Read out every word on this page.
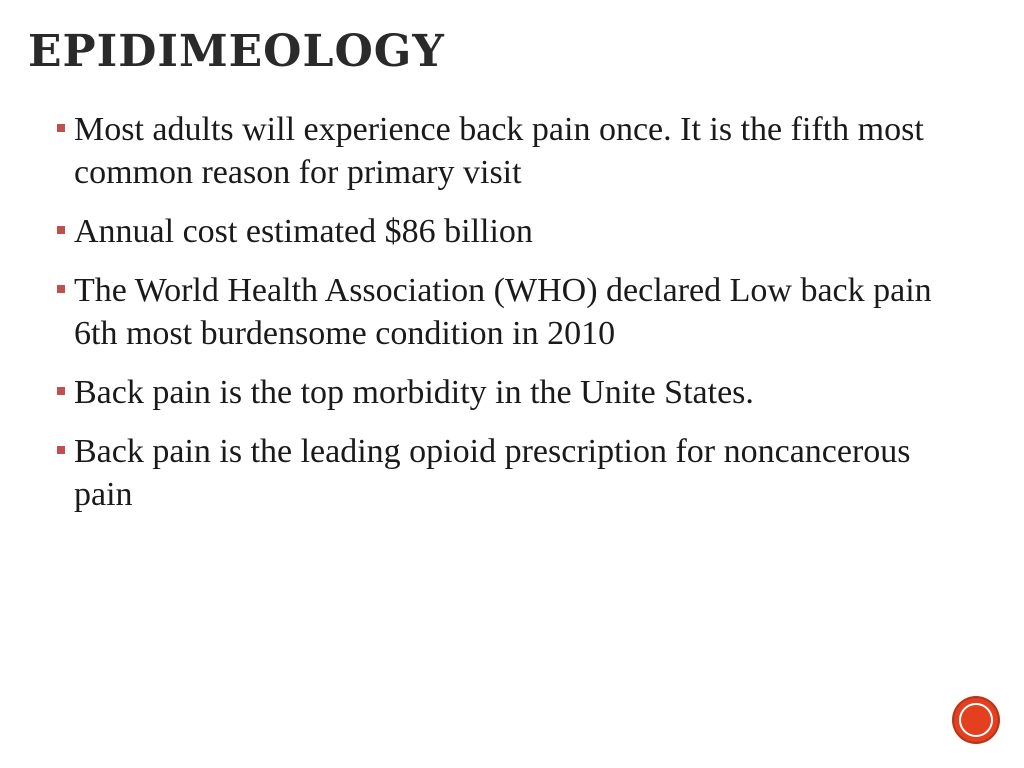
EPIDIMEOLOGY
Most adults will experience back pain once. It is the fifth most common reason for primary visit
Annual cost estimated $86 billion
The World Health Association (WHO) declared Low back pain 6th most burdensome condition in 2010
Back pain is the top morbidity in the Unite States.
Back pain is the leading opioid prescription for noncancerous pain
